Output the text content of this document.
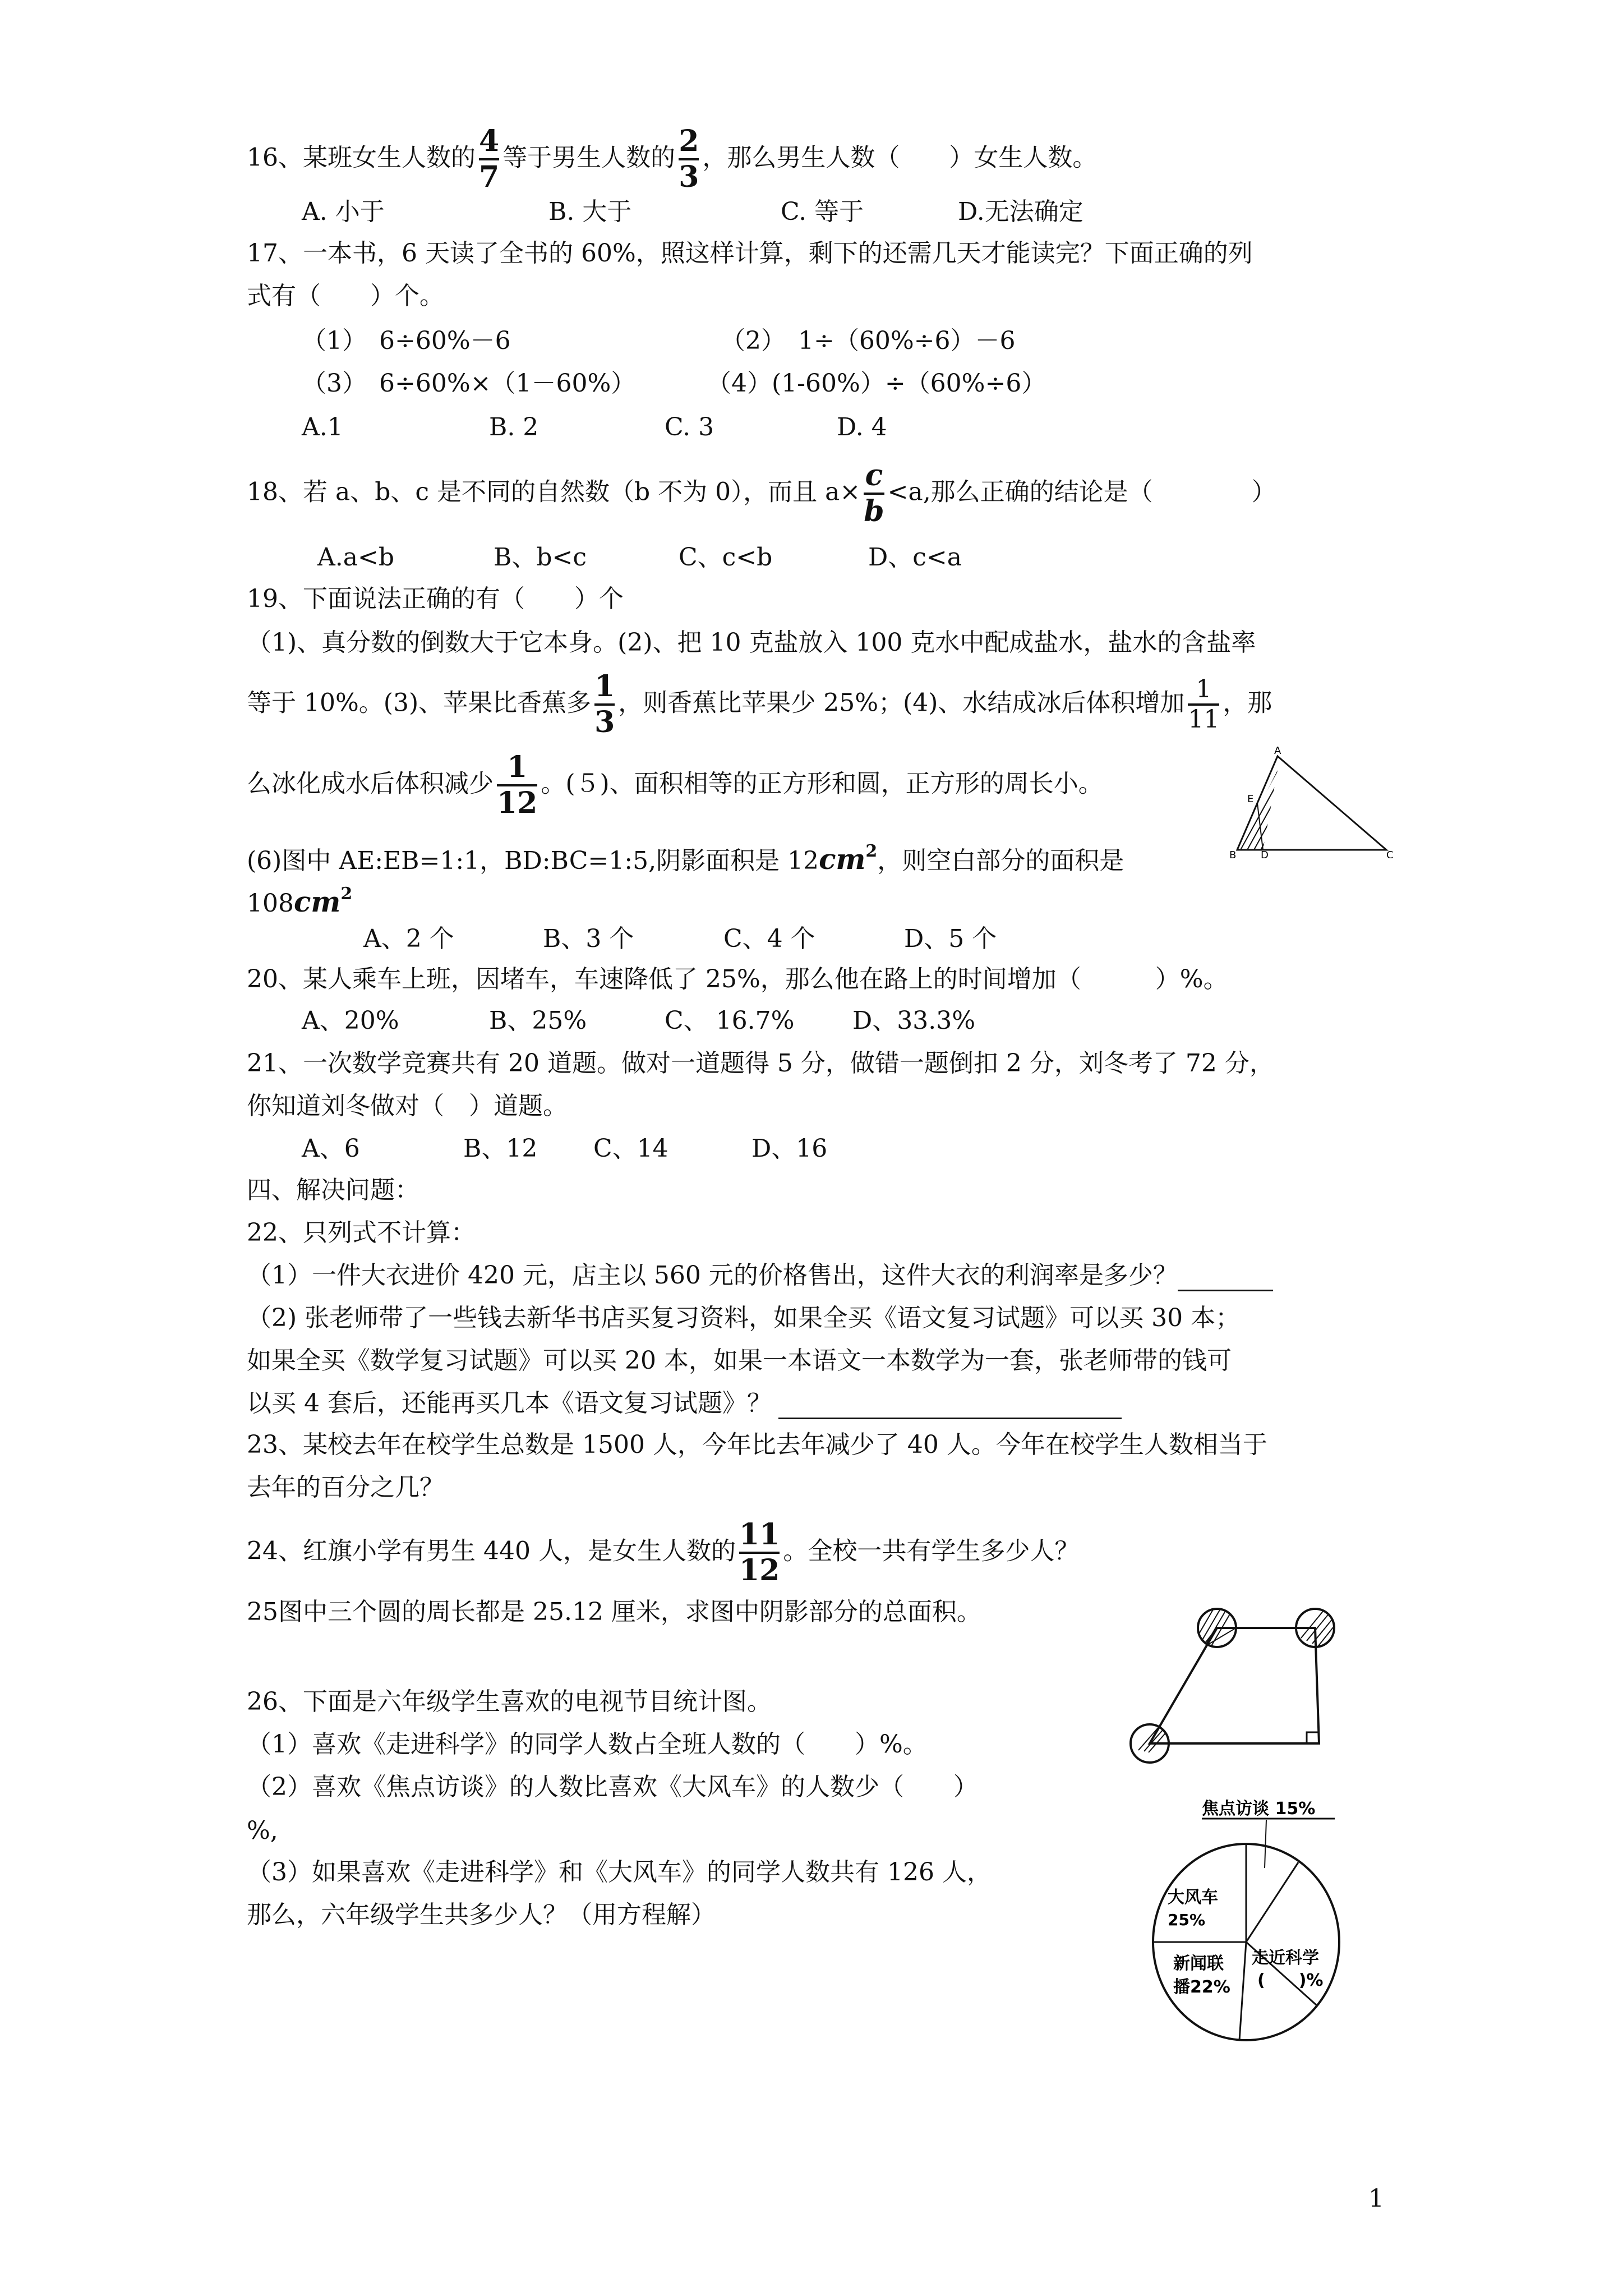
16、某班女生人数的 $\frac{4}{7}$ 等于男生人数的 $\frac{2}{3}$ ，那么男生人数（　　）女生人数。
A. 小于	B. 大于	C. 等于	D.无法确定
17、一本书，6 天读了全书的 60%，照这样计算，剩下的还需几天才能读完？下面正确的列
式有（　　）个。
（1）　6÷60%－6	（2）　1÷（60%÷6）－6
（3）　6÷60%×（1－60%）	（4）(1-60%）÷（60%÷6）
A.1	B. 2	C. 3	D. 4
18、若 a、b、c 是不同的自然数（b 不为 0），而且 $a\times \frac{c}{b} <a$,那么正确的结论是（　　　　）
A.a<b	B、b<c	C、c<b	D、c<a
19、下面说法正确的有（　　）个
（1)、真分数的倒数大于它本身。(2)、把 10 克盐放入 100 克水中配成盐水，盐水的含盐率
等于 10%。(3)、苹果比香蕉多 $\frac{1}{3}$ ，则香蕉比苹果少 25%；(4)、水结成冰后体积增加 $\frac{1}{11}$ ，那
么冰化成水后体积减少 $\frac{1}{12}$ 。(５)、面积相等的正方形和圆，正方形的周长小。
(6)图中 AE:EB=1:1，BD:BC=1:5,阴影面积是 $12cm^2$，则空白部分的面积是
$108cm^2$
A
E
B D	C
A、2 个	B、3 个	C、4 个	D、5 个
20、某人乘车上班，因堵车，车速降低了 25%，那么他在路上的时间增加（　　　）%。
A、20%	B、25%	C、 16.7% D、33.3%
21、一次数学竞赛共有 20 道题。做对一道题得 5 分，做错一题倒扣 2 分，刘冬考了 72 分，
你知道刘冬做对（　）道题。
A、6	B、12 C、14	D、16
四、解决问题：
22、只列式不计算：
（1）一件大衣进价 420 元，店主以 560 元的价格售出，这件大衣的利润率是多少？
（2) 张老师带了一些钱去新华书店买复习资料，如果全买《语文复习试题》可以买 30 本；
如果全买《数学复习试题》可以买 20 本，如果一本语文一本数学为一套，张老师带的钱可
以买 4 套后，还能再买几本《语文复习试题》？
23、某校去年在校学生总数是 1500 人，今年比去年减少了 40 人。今年在校学生人数相当于
去年的百分之几？
24、红旗小学有男生 440 人，是女生人数的 $\frac{11}{12}$ 。全校一共有学生多少人？
25图中三个圆的周长都是 25.12 厘米，求图中阴影部分的总面积。
26、下面是六年级学生喜欢的电视节目统计图。
（1）喜欢《走进科学》的同学人数占全班人数的（　　）%。
（2）喜欢《焦点访谈》的人数比喜欢《大风车》的人数少（　　）
%,
（3）如果喜欢《走进科学》和《大风车》的同学人数共有 126 人，
那么，六年级学生共多少人？（用方程解）
焦点访谈 15%
大风车
25%
新闻联
播22%
走近科学
(　　)%
1
